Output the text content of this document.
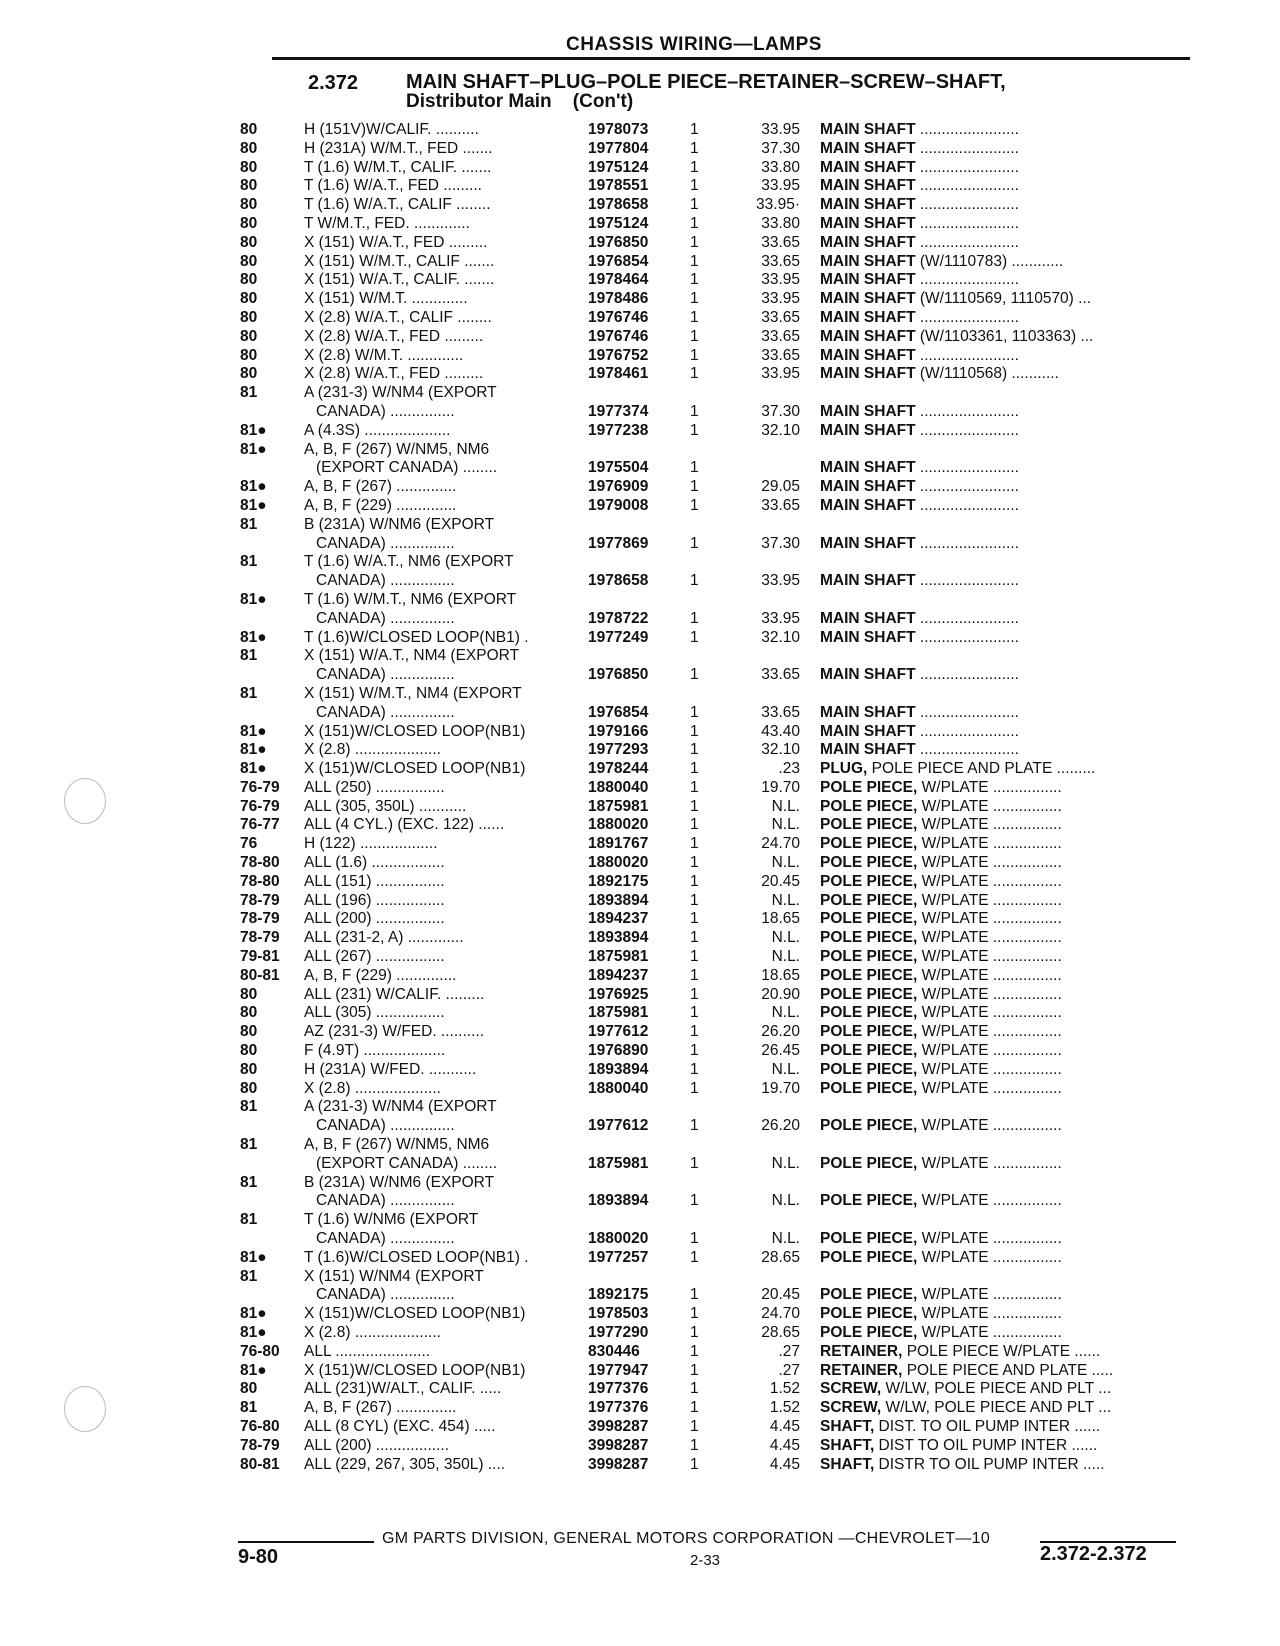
CHASSIS WIRING—LAMPS
2.372 MAIN SHAFT–PLUG–POLE PIECE–RETAINER–SCREW–SHAFT,
Distributor Main    (Con't)
80	H (151V)W/CALIF. ..........	1978073	1	33.95 MAIN SHAFT .......................
80	H (231A) W/M.T., FED .......	1977804	1	37.30 MAIN SHAFT .......................
80	T (1.6) W/M.T., CALIF. .......	1975124	1	33.80 MAIN SHAFT .......................
80	T (1.6) W/A.T., FED .........	1978551	1	33.95 MAIN SHAFT .......................
80	T (1.6) W/A.T., CALIF ........	1978658	1	33.95· MAIN SHAFT .......................
80	T W/M.T., FED. .............	1975124	1	33.80 MAIN SHAFT .......................
80	X (151) W/A.T., FED .........	1976850	1	33.65 MAIN SHAFT .......................
80	X (151) W/M.T., CALIF .......	1976854	1	33.65 MAIN SHAFT (W/1110783) ............
80	X (151) W/A.T., CALIF. .......	1978464	1	33.95 MAIN SHAFT .......................
80	X (151) W/M.T. .............	1978486	1	33.95 MAIN SHAFT (W/1110569, 1110570) ...
80	X (2.8) W/A.T., CALIF ........	1976746	1	33.65 MAIN SHAFT .......................
80	X (2.8) W/A.T., FED .........	1976746	1	33.65 MAIN SHAFT (W/1103361, 1103363) ...
80	X (2.8) W/M.T. .............	1976752	1	33.65 MAIN SHAFT .......................
80	X (2.8) W/A.T., FED .........	1978461	1	33.95 MAIN SHAFT (W/1110568) ...........
81	A (231-3) W/NM4 (EXPORT
CANADA) ...............	1977374	1	37.30 MAIN SHAFT .......................
81● A (4.3S) ....................	1977238	1	32.10 MAIN SHAFT .......................
81● A, B, F (267) W/NM5, NM6
(EXPORT CANADA) ........	1975504	1	MAIN SHAFT .......................
81● A, B, F (267) ..............	1976909	1	29.05 MAIN SHAFT .......................
81● A, B, F (229) ..............	1979008	1	33.65 MAIN SHAFT .......................
81	B (231A) W/NM6 (EXPORT
CANADA) ...............	1977869	1	37.30 MAIN SHAFT .......................
81	T (1.6) W/A.T., NM6 (EXPORT
CANADA) ...............	1978658	1	33.95 MAIN SHAFT .......................
81● T (1.6) W/M.T., NM6 (EXPORT
CANADA) ...............	1978722	1	33.95 MAIN SHAFT .......................
81● T (1.6)W/CLOSED LOOP(NB1) .	1977249	1	32.10 MAIN SHAFT .......................
81	X (151) W/A.T., NM4 (EXPORT
CANADA) ...............	1976850	1	33.65 MAIN SHAFT .......................
81	X (151) W/M.T., NM4 (EXPORT
CANADA) ...............	1976854	1	33.65 MAIN SHAFT .......................
81● X (151)W/CLOSED LOOP(NB1)	1979166	1	43.40 MAIN SHAFT .......................
81● X (2.8) ....................	1977293	1	32.10 MAIN SHAFT .......................
81● X (151)W/CLOSED LOOP(NB1)	1978244	1	.23 PLUG, POLE PIECE AND PLATE .........
76-79 ALL (250) ................	1880040	1	19.70 POLE PIECE, W/PLATE ................
76-79 ALL (305, 350L) ...........	1875981	1	N.L. POLE PIECE, W/PLATE ................
76-77 ALL (4 CYL.) (EXC. 122) ......	1880020	1	N.L. POLE PIECE, W/PLATE ................
76	H (122) ..................	1891767	1	24.70 POLE PIECE, W/PLATE ................
78-80 ALL (1.6) .................	1880020	1	N.L. POLE PIECE, W/PLATE ................
78-80 ALL (151) ................	1892175	1	20.45 POLE PIECE, W/PLATE ................
78-79 ALL (196) ................	1893894	1	N.L. POLE PIECE, W/PLATE ................
78-79 ALL (200) ................	1894237	1	18.65 POLE PIECE, W/PLATE ................
78-79 ALL (231-2, A) .............	1893894	1	N.L. POLE PIECE, W/PLATE ................
79-81 ALL (267) ................	1875981	1	N.L. POLE PIECE, W/PLATE ................
80-81 A, B, F (229) ..............	1894237	1	18.65 POLE PIECE, W/PLATE ................
80	ALL (231) W/CALIF. .........	1976925	1	20.90 POLE PIECE, W/PLATE ................
80	ALL (305) ................	1875981	1	N.L. POLE PIECE, W/PLATE ................
80	AZ (231-3) W/FED. ..........	1977612	1	26.20 POLE PIECE, W/PLATE ................
80	F (4.9T) ...................	1976890	1	26.45 POLE PIECE, W/PLATE ................
80	H (231A) W/FED. ...........	1893894	1	N.L. POLE PIECE, W/PLATE ................
80	X (2.8) ....................	1880040	1	19.70 POLE PIECE, W/PLATE ................
81	A (231-3) W/NM4 (EXPORT
CANADA) ...............	1977612	1	26.20 POLE PIECE, W/PLATE ................
81	A, B, F (267) W/NM5, NM6
(EXPORT CANADA) ........	1875981	1	N.L. POLE PIECE, W/PLATE ................
81	B (231A) W/NM6 (EXPORT
CANADA) ...............	1893894	1	N.L. POLE PIECE, W/PLATE ................
81	T (1.6) W/NM6 (EXPORT
CANADA) ...............	1880020	1	N.L. POLE PIECE, W/PLATE ................
81● T (1.6)W/CLOSED LOOP(NB1) .	1977257	1	28.65 POLE PIECE, W/PLATE ................
81	X (151) W/NM4 (EXPORT
CANADA) ...............	1892175	1	20.45 POLE PIECE, W/PLATE ................
81● X (151)W/CLOSED LOOP(NB1)	1978503	1	24.70 POLE PIECE, W/PLATE ................
81● X (2.8) ....................	1977290	1	28.65 POLE PIECE, W/PLATE ................
76-80 ALL ......................	830446	1	.27 RETAINER, POLE PIECE W/PLATE ......
81● X (151)W/CLOSED LOOP(NB1)	1977947	1	.27 RETAINER, POLE PIECE AND PLATE .....
80	ALL (231)W/ALT., CALIF. .....	1977376	1	1.52 SCREW, W/LW, POLE PIECE AND PLT ...
81	A, B, F (267) ..............	1977376	1	1.52 SCREW, W/LW, POLE PIECE AND PLT ...
76-80 ALL (8 CYL) (EXC. 454) .....	3998287	1	4.45 SHAFT, DIST. TO OIL PUMP INTER ......
78-79 ALL (200) .................	3998287	1	4.45 SHAFT, DIST TO OIL PUMP INTER ......
80-81 ALL (229, 267, 305, 350L) ....	3998287	1	4.45 SHAFT, DISTR TO OIL PUMP INTER .....
GM PARTS DIVISION, GENERAL MOTORS CORPORATION —CHEVROLET—10
9-80	2-33	2.372-2.372
